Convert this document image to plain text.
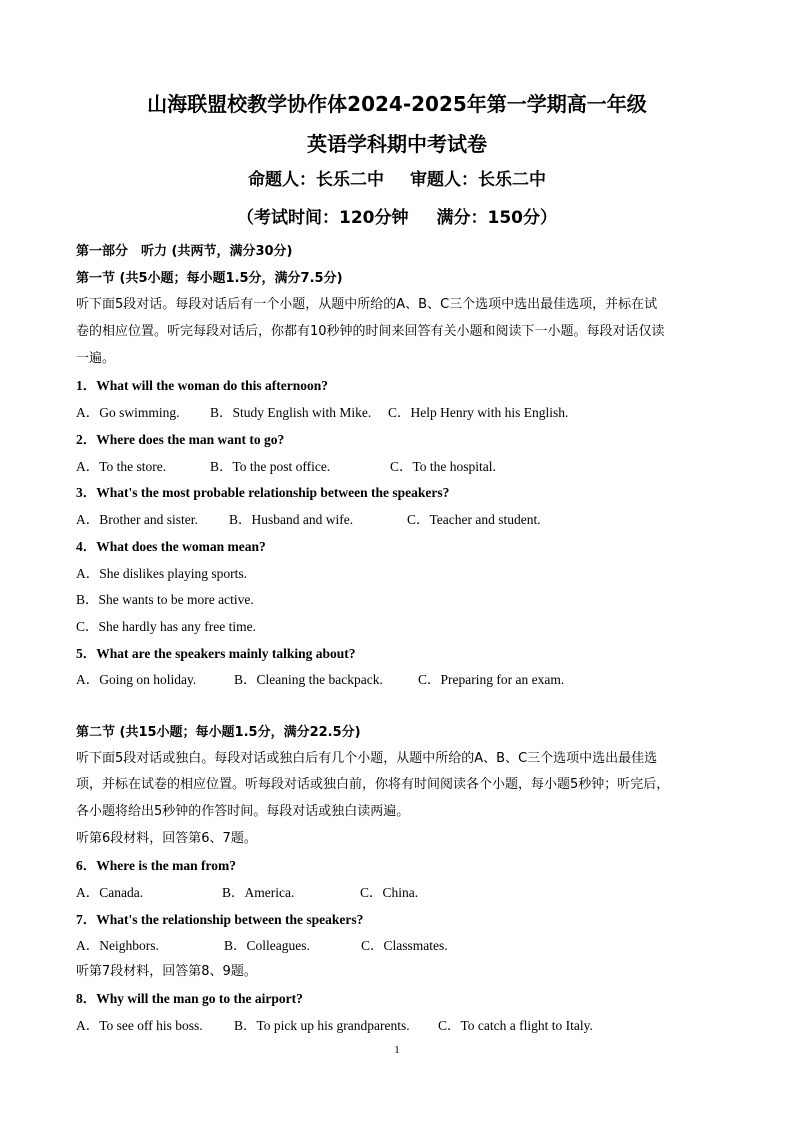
山海联盟校教学协作体2024-2025年第一学期高一年级
英语学科期中考试卷
命题人：长乐二中 审题人：长乐二中
（考试时间：120分钟 满分：150分）
第一部分　听力 (共两节，满分30分)
第一节 (共5小题；每小题1.5分，满分7.5分)
听下面5段对话。每段对话后有一个小题，从题中所给的A、B、C三个选项中选出最佳选项，并标在试
卷的相应位置。听完每段对话后，你都有10秒钟的时间来回答有关小题和阅读下一小题。每段对话仅读
一遍。
1．What will the woman do this afternoon?
A．Go swimming. B．Study English with Mike. C．Help Henry with his English.
2．Where does the man want to go?
A．To the store.	B．To the post office.	C．To the hospital.
3．What's the most probable relationship between the speakers?
A．Brother and sister. B．Husband and wife.	C．Teacher and student.
4．What does the woman mean?
A．She dislikes playing sports.
B．She wants to be more active.
C．She hardly has any free time.
5．What are the speakers mainly talking about?
A．Going on holiday.	B．Cleaning the backpack.	C．Preparing for an exam.
第二节 (共15小题；每小题1.5分，满分22.5分)
听下面5段对话或独白。每段对话或独白后有几个小题，从题中所给的A、B、C三个选项中选出最佳选
项，并标在试卷的相应位置。听每段对话或独白前，你将有时间阅读各个小题，每小题5秒钟；听完后，
各小题将给出5秒钟的作答时间。每段对话或独白读两遍。
听第6段材料，回答第6、7题。
6．Where is the man from?
A．Canada.	B．America.	C．China.
7．What's the relationship between the speakers?
A．Neighbors.	B．Colleagues.	C．Classmates.
听第7段材料，回答第8、9题。
8．Why will the man go to the airport?
A．To see off his boss. B．To pick up his grandparents. C．To catch a flight to Italy.
1
